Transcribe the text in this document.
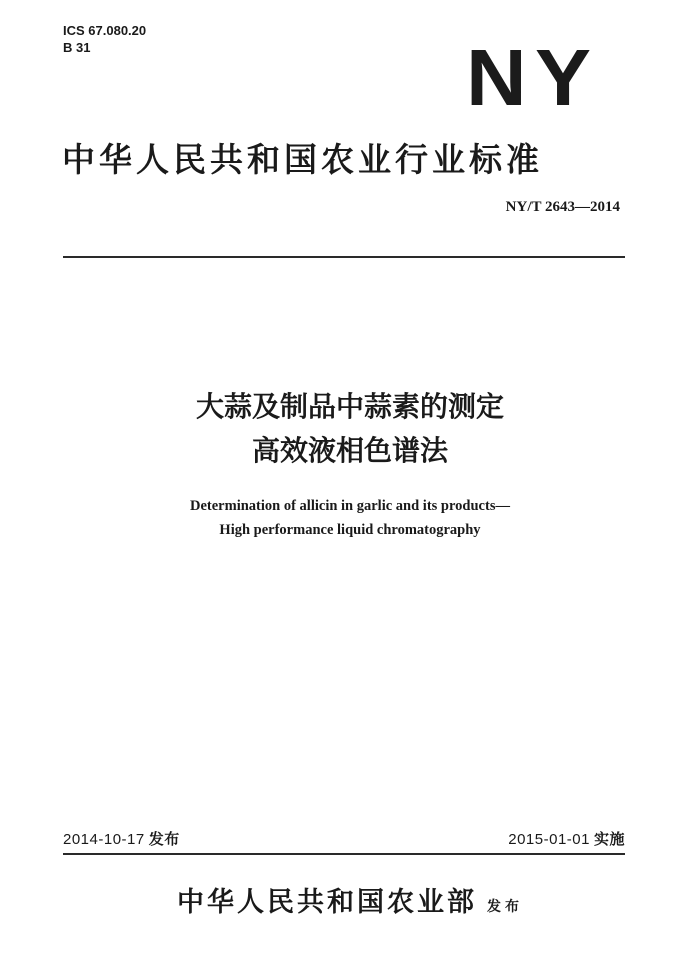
ICS 67.080.20
B 31	NY
中华人民共和国农业行业标准
NY/T 2643—2014
大蒜及制品中蒜素的测定
高效液相色谱法
Determination of allicin in garlic and its products—
High performance liquid chromatography
2014-10-17 发布	2015-01-01 实施
中华人民共和国农业部 发布
